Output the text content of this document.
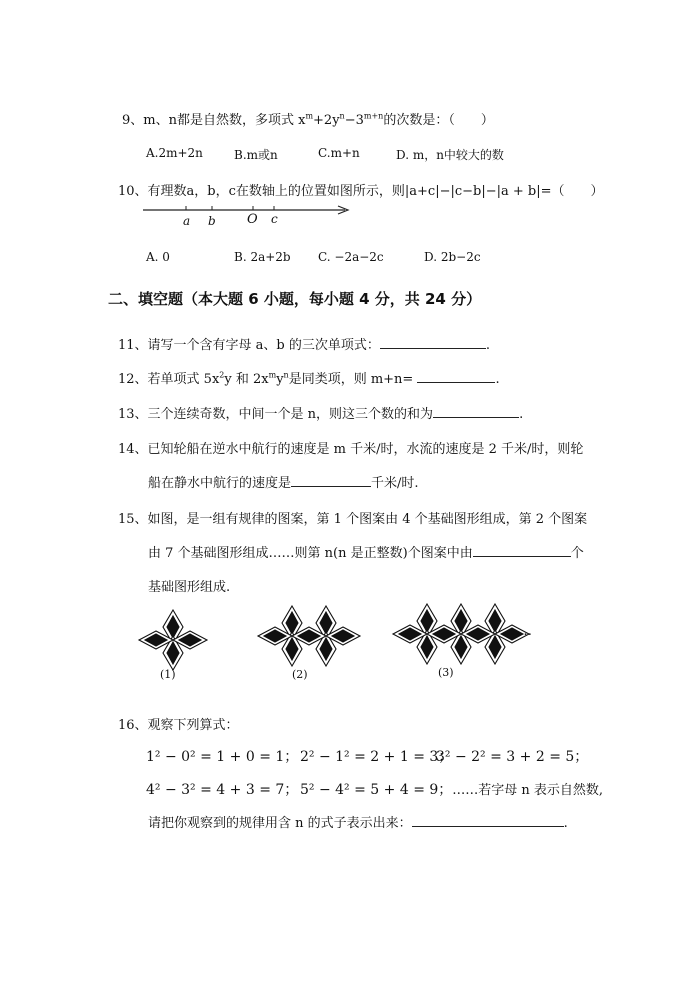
9、m、n都是自然数，多项式 $x^m+2y^n-3^{m+n}$的次数是：（　　）
A.2m+2n	B.m或n	C.m+n	D. m，n中较大的数
10、有理数a，b，c在数轴上的位置如图所示，则|a+c|−|c−b|−|a + b|=（　　）
a b O c
A. 0	B. 2a+2b C. −2a−2c	D. 2b−2c
二、填空题（本大题 6 小题，每小题 4 分，共 24 分）
11、请写一个含有字母 a、b 的三次单项式：	.
12、若单项式 $5x^2y$ 和 $2x^my^n$是同类项，则 m+n=	.
13、三个连续奇数，中间一个是 n，则这三个数的和为	.
14、已知轮船在逆水中航行的速度是 m 千米/时，水流的速度是 2 千米/时，则轮
船在静水中航行的速度是	千米/时.
15、如图，是一组有规律的图案，第 1 个图案由 4 个基础图形组成，第 2 个图案
由 7 个基础图形组成……则第 n(n 是正整数)个图案中由	个
基础图形组成.
(1)	(2)
……
(3)
16、观察下列算式：
1² − 0² = 1 + 0 = 1； 2² − 1² = 2 + 1 = 3；
3² − 2² = 3 + 2 = 5；
4² − 3² = 4 + 3 = 7； 5² − 4² = 5 + 4 = 9；……若字母 n 表示自然数,
请把你观察到的规律用含 n 的式子表示出来：	.
